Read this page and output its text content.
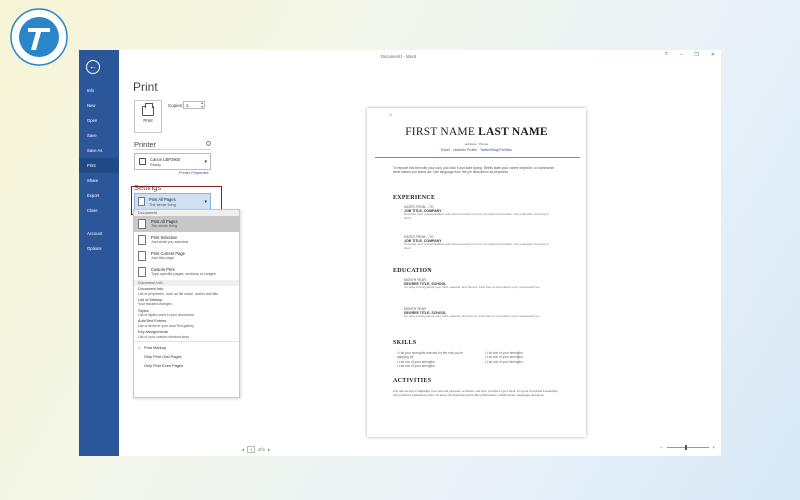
←
Info
New
Open
Save
Save As
Print
Share
Export
Close
Account
Options
Document1 - Word	? – ❐ ✕
Print
Print
Copies: 1	▴
▾
Printer	i
Canon LBP2900
Ready	▾
Printer Properties
Settings
Print All Pages
The whole thing	▾
Documents
Print All Pages
The whole thing
Print Selection
Just what you selected
Print Current Page
Just this page
Custom Print
Type specific pages, sections or ranges
Document Info
Document Info
List of properties, such as file name, author and title
List of Markup
Your tracked changes
Styles
List of styles used in your document
AutoText Entries
List of items in your AutoText gallery
Key Assignments
List of your custom shortcut keys
✓ Print Markup
Only Print Odd Pages
Only Print Even Pages
¤
FIRST NAME LAST NAME
Address · Phone
Email · LinkedIn Profile · Twitter/Blog/Portfolio
To replace this text with your own, just click it and start typing. Briefly state your career objective, or summarize what makes you stand out. Use language from the job description as keywords.
EXPERIENCE
DATES FROM – TO
JOB TITLE, COMPANY
Describe your responsibilities and achievements in terms of impact and results. Use examples, but keep it short.
DATES FROM – TO
JOB TITLE, COMPANY
Describe your responsibilities and achievements in terms of impact and results. Use examples, but keep it short.
EDUCATION
MONTH YEAR
DEGREE TITLE, SCHOOL
It's okay to brag about your GPA, awards, and honors. Feel free to summarize your coursework too.
MONTH YEAR
DEGREE TITLE, SCHOOL
It's okay to brag about your GPA, awards, and honors. Feel free to summarize your coursework too.
SKILLS
• List your strengths relevant for the role you're applying for
• List one of your strengths
• List one of your strengths
• List one of your strengths
• List one of your strengths
• List one of your strengths
ACTIVITIES
Use this section to highlight your relevant passions, activities, and how you like to give back. It's good to include Leadership and volunteer experiences here. Or show off important extras like publications, certifications, languages and more.
◂	1	of 1 ▸	–	+
